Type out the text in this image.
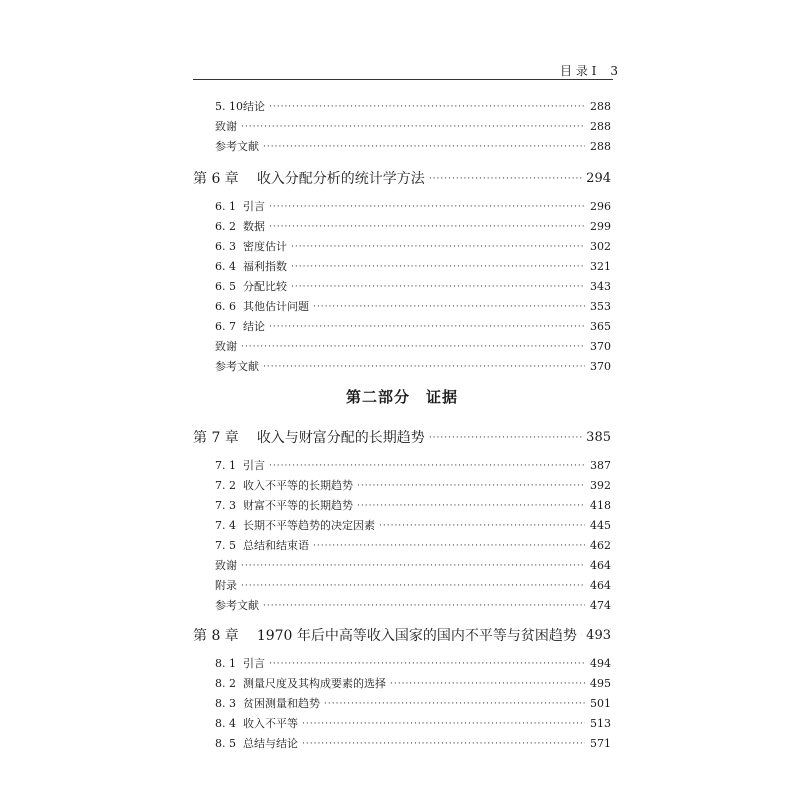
目 录 Ⅰ 3
第二部分　证据
5. 10 结论 ·····	288
致谢 ·····	288
参考文献 ·····	288
第 6 章 收入分配分析的统计学方法 ·····	294
6. 1 引言 ·····	296
6. 2 数据 ·····	299
6. 3 密度估计 ·····	302
6. 4 福利指数 ·····	321
6. 5 分配比较 ·····	343
6. 6 其他估计问题 ·····	353
6. 7 结论 ·····	365
致谢 ·····	370
参考文献 ·····	370
第 7 章 收入与财富分配的长期趋势 ·····	385
7. 1 引言 ·····	387
7. 2 收入不平等的长期趋势 ·····	392
7. 3 财富不平等的长期趋势 ·····	418
7. 4 长期不平等趋势的决定因素 ·····	445
7. 5 总结和结束语 ·····	462
致谢 ·····	464
附录 ·····	464
参考文献 ·····	474
第 8 章 1970 年后中高等收入国家的国内不平等与贫困趋势 ····· 493
8. 1 引言 ·····	494
8. 2 测量尺度及其构成要素的选择 ·····	495
8. 3 贫困测量和趋势 ·····	501
8. 4 收入不平等 ·····	513
8. 5 总结与结论 ·····	571
